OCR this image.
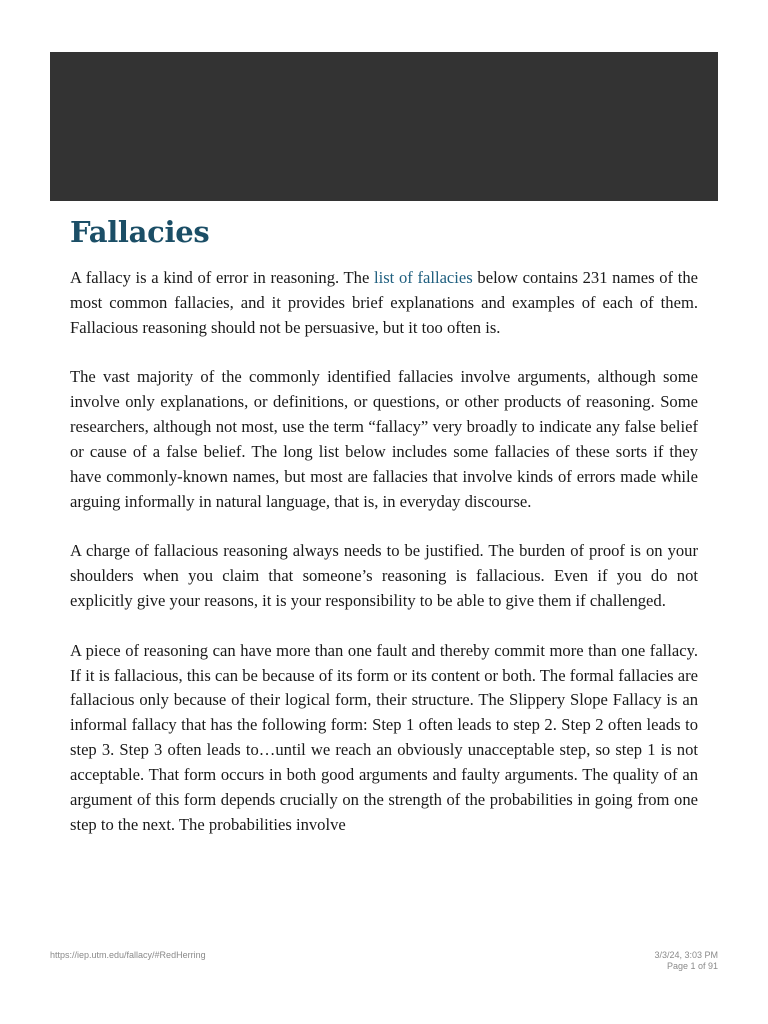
Fallacies

A fallacy is a kind of error in reasoning. The list of fallacies below contains 231 names of the most common fallacies, and it provides brief explanations and examples of each of them. Fallacious reasoning should not be persuasive, but it too often is.

The vast majority of the commonly identified fallacies involve arguments, although some involve only explanations, or definitions, or questions, or other products of reasoning. Some researchers, although not most, use the term “fallacy” very broadly to indicate any false belief or cause of a false belief. The long list below includes some fallacies of these sorts if they have commonly-known names, but most are fallacies that involve kinds of errors made while arguing informally in natural language, that is, in everyday discourse.

A charge of fallacious reasoning always needs to be justified. The burden of proof is on your shoulders when you claim that someone’s reasoning is fallacious. Even if you do not explicitly give your reasons, it is your responsibility to be able to give them if challenged.

A piece of reasoning can have more than one fault and thereby commit more than one fallacy. If it is fallacious, this can be because of its form or its content or both. The formal fallacies are fallacious only because of their logical form, their structure. The Slippery Slope Fallacy is an informal fallacy that has the following form: Step 1 often leads to step 2. Step 2 often leads to step 3. Step 3 often leads to…until we reach an obviously unacceptable step, so step 1 is not acceptable. That form occurs in both good arguments and faulty arguments. The quality of an argument of this form depends crucially on the strength of the probabilities in going from one step to the next. The probabilities involve

https://iep.utm.edu/fallacy/#RedHerring	3/3/24, 3:03 PM
Page 1 of 91
